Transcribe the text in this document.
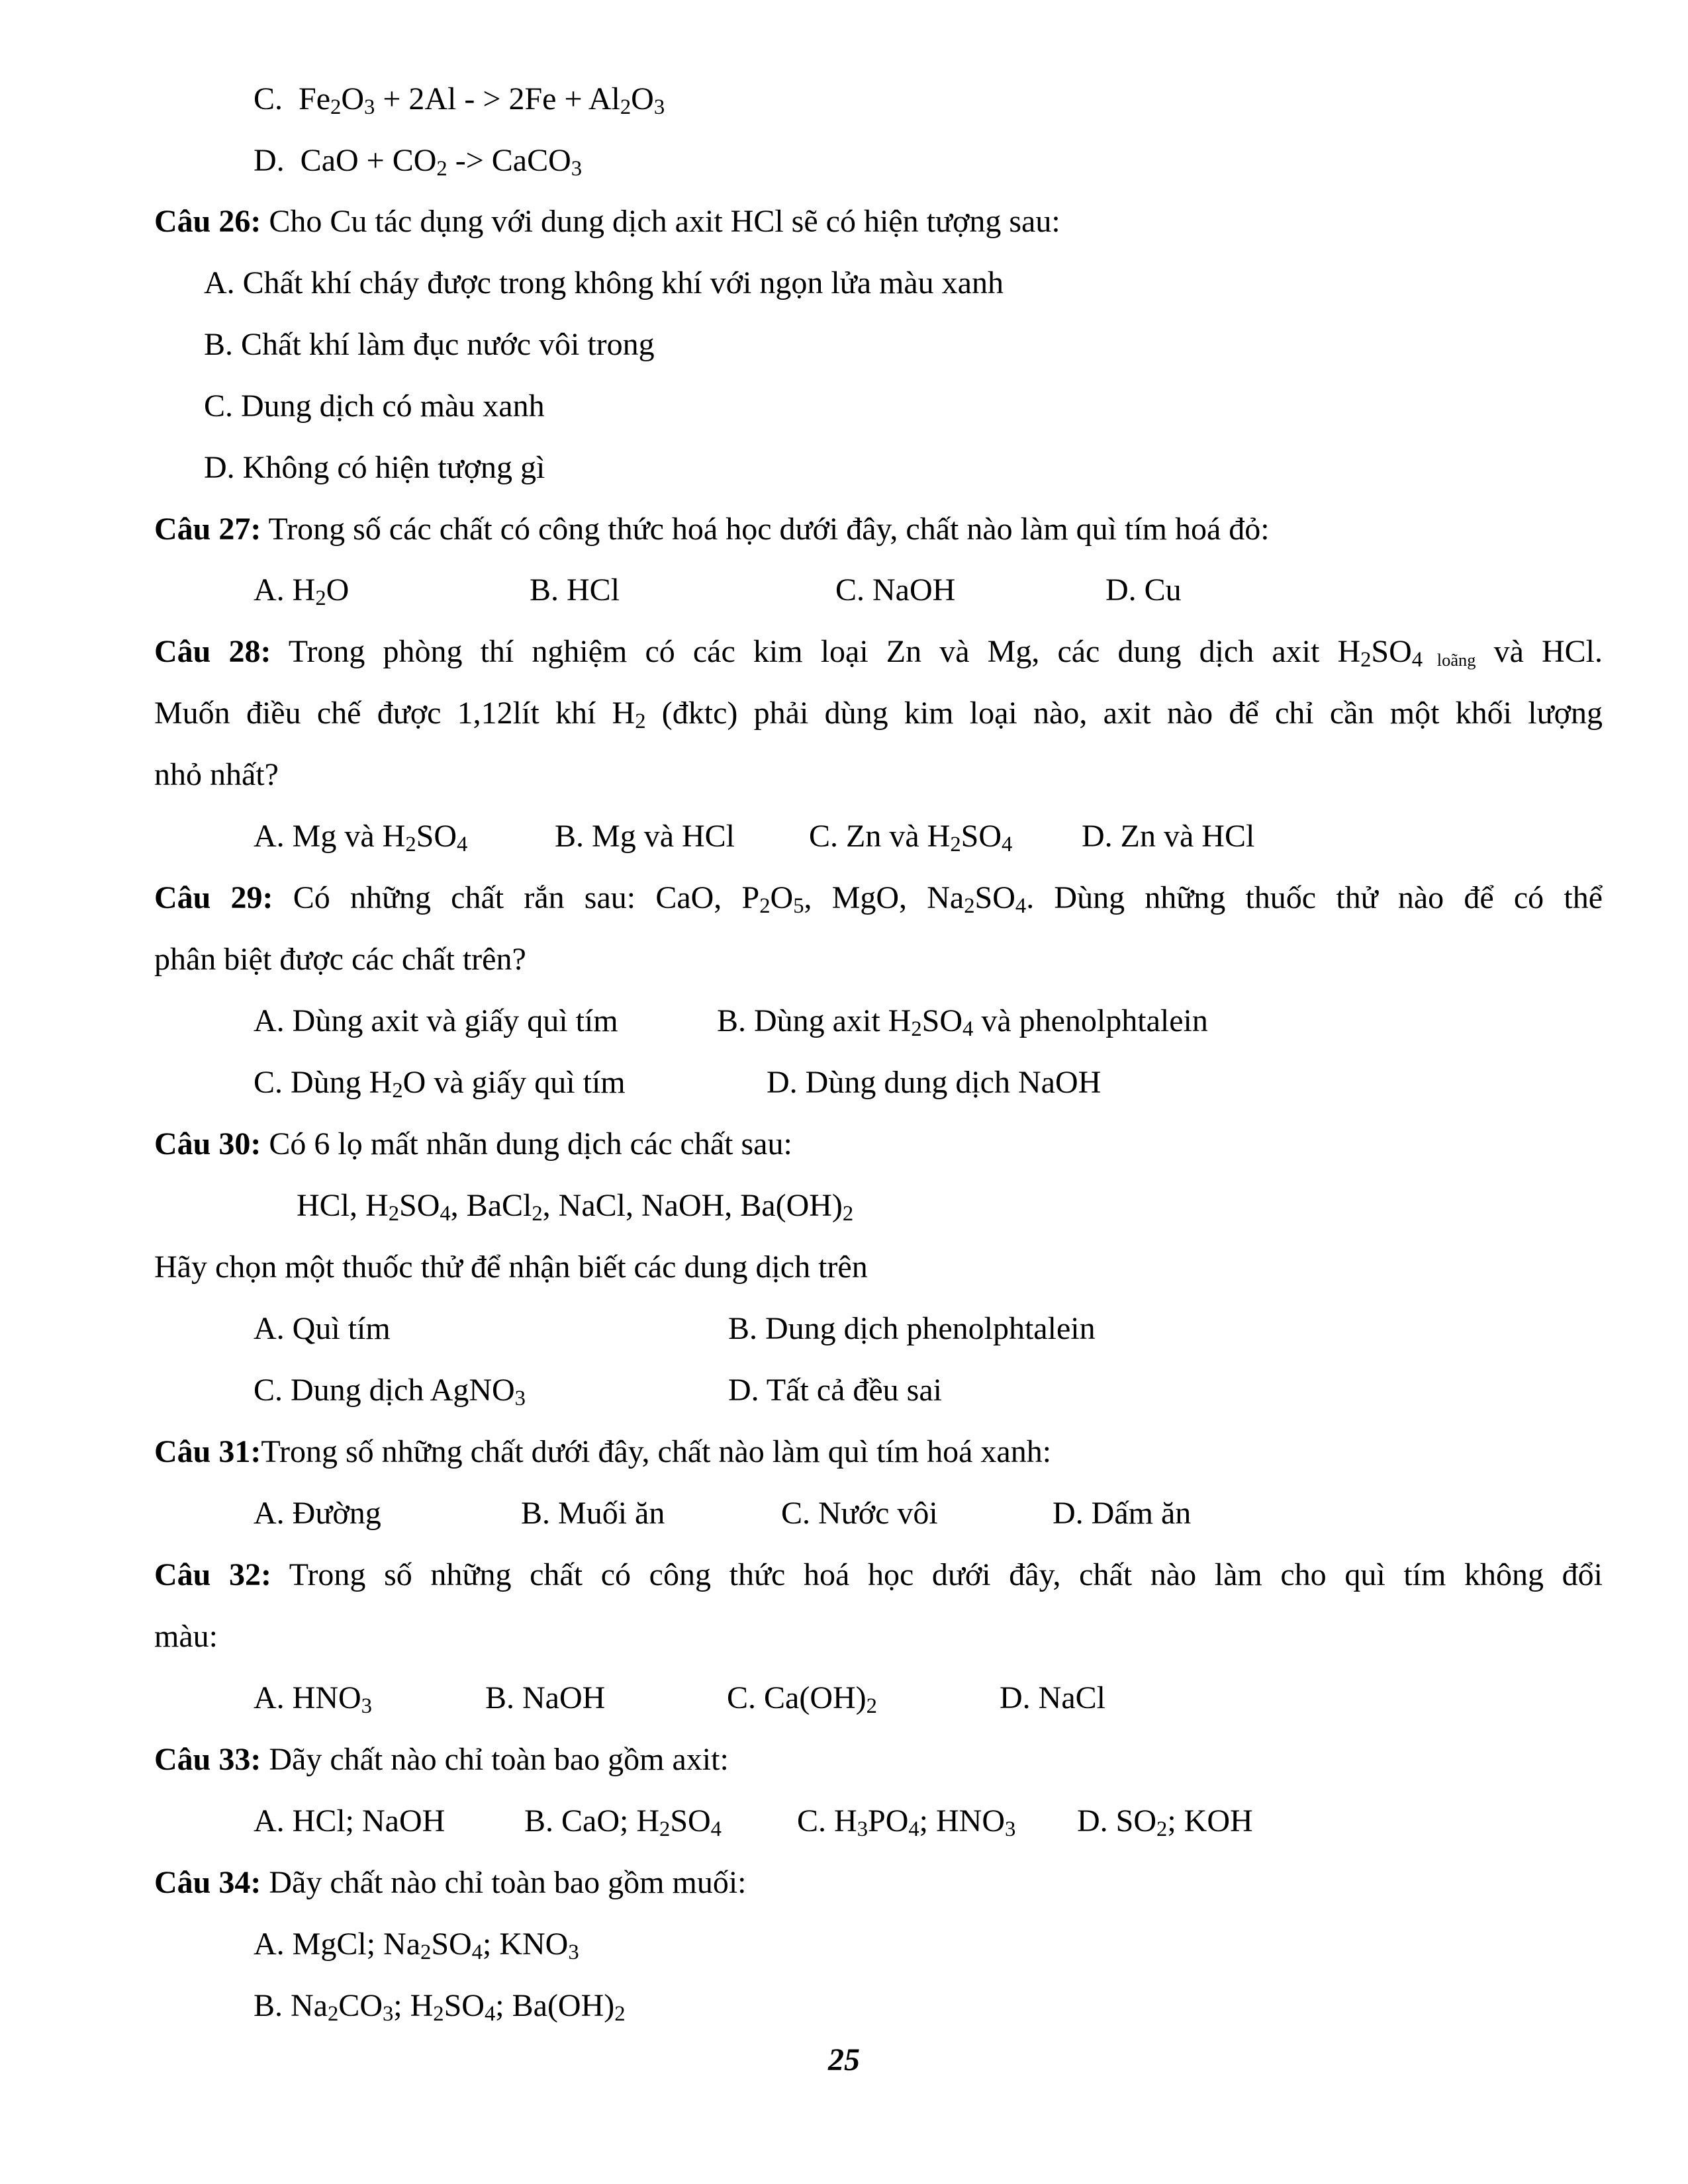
C. $Fe_2O_3 + 2Al$ - > $2Fe + Al_2O_3$
D. CaO + $CO_2$ -> CaCO$_3$
Câu 26: Cho Cu tác dụng với dung dịch axit HCl sẽ có hiện tượng sau:
A. Chất khí cháy được trong không khí với ngọn lửa màu xanh
B. Chất khí làm đục nước vôi trong
C. Dung dịch có màu xanh
D. Không có hiện tượng gì
Câu 27: Trong số các chất có công thức hoá học dưới đây, chất nào làm quì tím hoá đỏ:
A. $H_2O$	B. HCl	C. NaOH	D. Cu
Câu 28: Trong phòng thí nghiệm có các kim loại Zn và Mg, các dung dịch axit $H_2SO_4$ $_{loãng}$ và HCl.
Muốn điều chế được 1,12lít khí $H_2$ (đktc) phải dùng kim loại nào, axit nào để chỉ cần một khối lượng
nhỏ nhất?
A. Mg và $H_2SO_4$	B. Mg và HCl C. Zn và $H_2SO_4$ D. Zn và HCl
Câu 29: Có những chất rắn sau: CaO, $P_2O_5$, MgO, $Na_2SO_4$. Dùng những thuốc thử nào để có thể
phân biệt được các chất trên?
A. Dùng axit và giấy quì tím	B. Dùng axit $H_2SO_4$ và phenolphtalein
C. Dùng $H_2O$ và giấy quì tím	D. Dùng dung dịch NaOH
Câu 30: Có 6 lọ mất nhãn dung dịch các chất sau:
HCl, $H_2SO_4$, BaCl$_2$, NaCl, NaOH, $Ba(OH)_2$
Hãy chọn một thuốc thử để nhận biết các dung dịch trên
A. Quì tím	B. Dung dịch phenolphtalein
C. Dung dịch AgNO$_3$	D. Tất cả đều sai
Câu 31:Trong số những chất dưới đây, chất nào làm quì tím hoá xanh:
A. Đường	B. Muối ăn	C. Nước vôi	D. Dấm ăn
Câu 32: Trong số những chất có công thức hoá học dưới đây, chất nào làm cho quì tím không đổi
màu:
A. $HNO_3$	B. NaOH	C. $Ca(OH)_2$	D. NaCl
Câu 33: Dãy chất nào chỉ toàn bao gồm axit:
A. HCl; NaOH B. CaO; $H_2SO_4$ C. $H_3PO_4$; $HNO_3$ D. $SO_2$; KOH
Câu 34: Dãy chất nào chỉ toàn bao gồm muối:
A. MgCl; $Na_2SO_4$; $KNO_3$
B. $Na_2CO_3$; $H_2SO_4$; $Ba(OH)_2$
25
